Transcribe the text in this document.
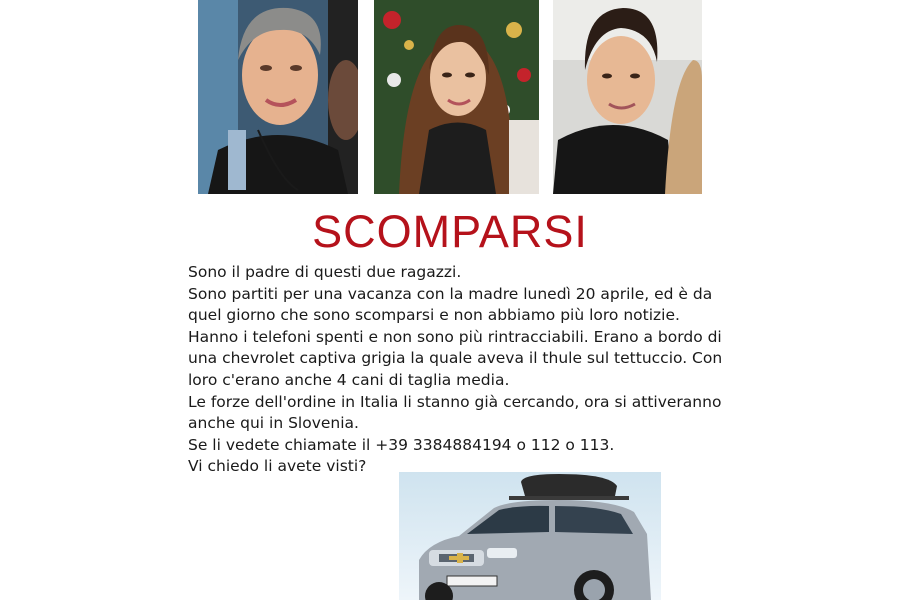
SCOMPARSI

Sono il padre di questi due ragazzi.

Sono partiti per una vacanza con la madre lunedì 20 aprile, ed è da quel giorno che sono scomparsi e non abbiamo più loro notizie. Hanno i telefoni spenti e non sono più rintracciabili. Erano a bordo di una chevrolet captiva grigia la quale aveva il thule sul tettuccio. Con loro c'erano anche 4 cani di taglia media.

Le forze dell'ordine in Italia li stanno già cercando, ora si attiveranno anche qui in Slovenia.

Se li vedete chiamate il +39 3384884194 o 112 o 113.

Vi chiedo li avete visti?
